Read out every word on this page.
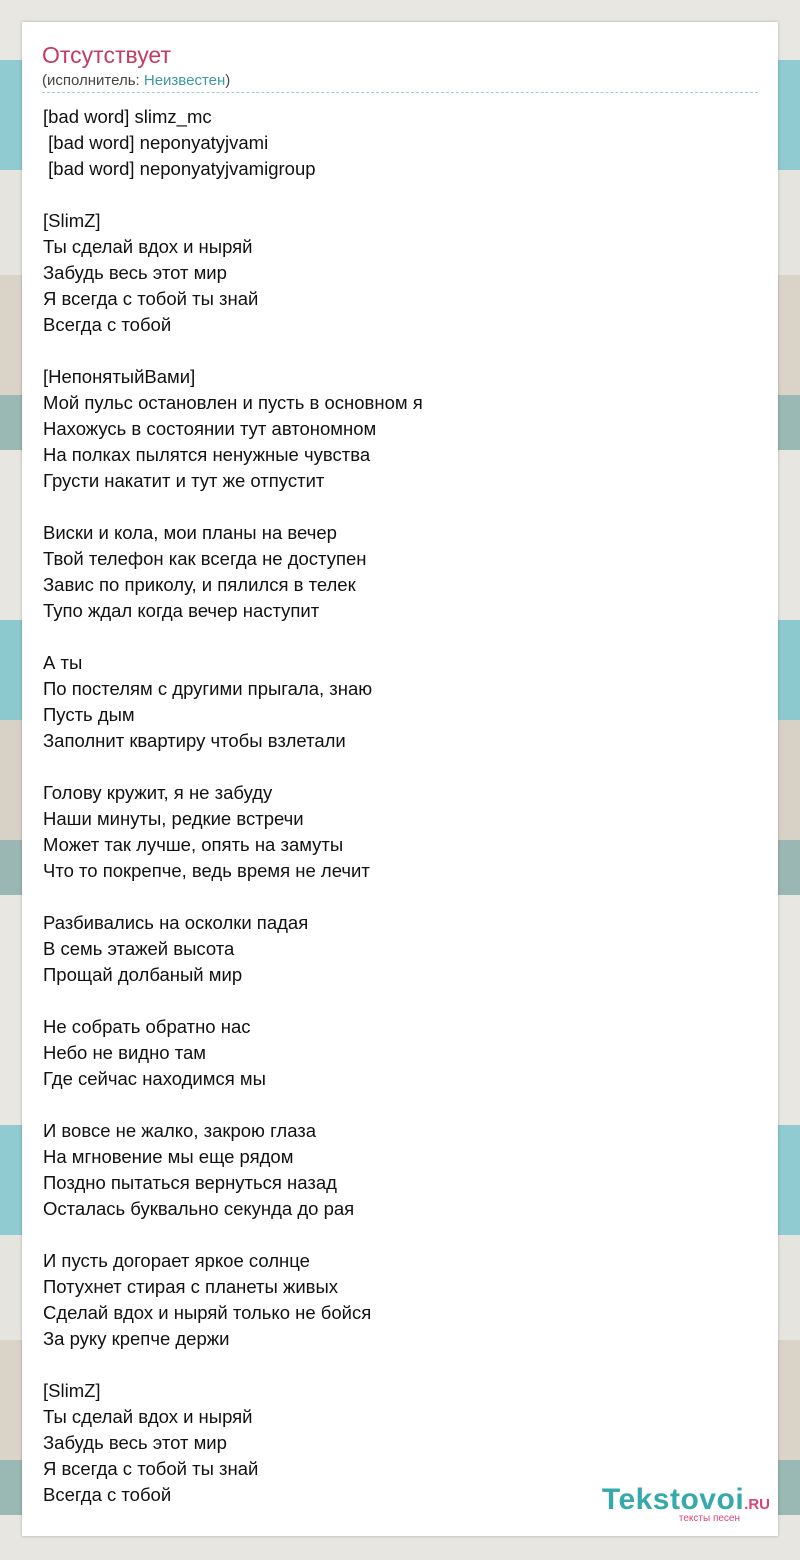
Отсутствует
(исполнитель: Неизвестен)
[bad word] slimz_mc
[bad word] neponyatyjvami
[bad word] neponyatyjvamigroup
[SlimZ]
Ты сделай вдох и ныряй
Забудь весь этот мир
Я всегда с тобой ты знай
Всегда с тобой
[НепонятыйВами]
Мой пульс остановлен и пусть в основном я
Нахожусь в состоянии тут автономном
На полках пылятся ненужные чувства
Грусти накатит и тут же отпустит
Виски и кола, мои планы на вечер
Твой телефон как всегда не доступен
Завис по приколу, и пялился в телек
Тупо ждал когда вечер наступит
А ты
По постелям с другими прыгала, знаю
Пусть дым
Заполнит квартиру чтобы взлетали
Голову кружит, я не забуду
Наши минуты, редкие встречи
Может так лучше, опять на замуты
Что то покрепче, ведь время не лечит
Разбивались на осколки падая
В семь этажей высота
Прощай долбаный мир
Не собрать обратно нас
Небо не видно там
Где сейчас находимся мы
И вовсе не жалко, закрою глаза
На мгновение мы еще рядом
Поздно пытаться вернуться назад
Осталась буквально секунда до рая
И пусть догорает яркое солнце
Потухнет стирая с планеты живых
Сделай вдох и ныряй только не бойся
За руку крепче держи
[SlimZ]
Ты сделай вдох и ныряй
Забудь весь этот мир
Я всегда с тобой ты знай
Всегда с тобой	Tekstovoi.RU
тексты песен
